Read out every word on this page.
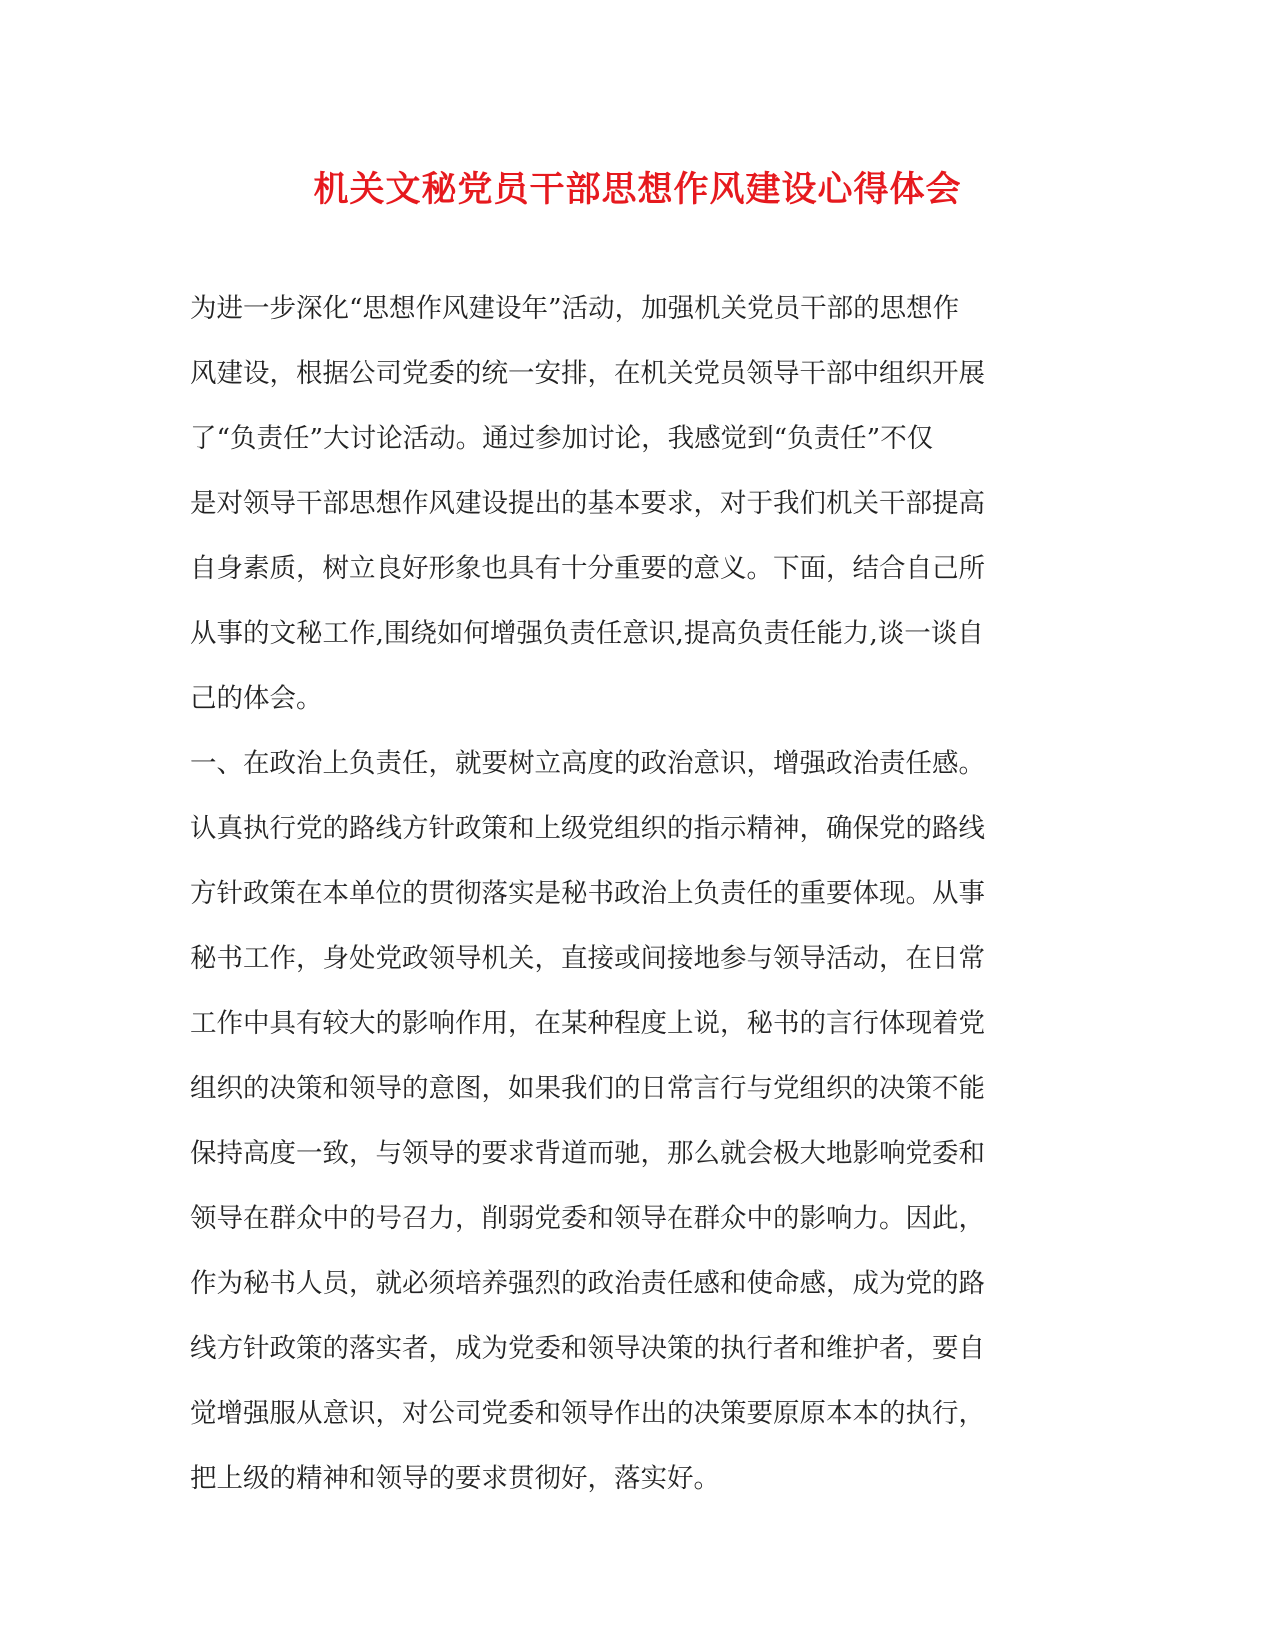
机关文秘党员干部思想作风建设心得体会
为进一步深化“思想作风建设年”活动，加强机关党员干部的思想作
风建设，根据公司党委的统一安排，在机关党员领导干部中组织开展
了“负责任”大讨论活动。通过参加讨论，我感觉到“负责任”不仅
是对领导干部思想作风建设提出的基本要求，对于我们机关干部提高
自身素质，树立良好形象也具有十分重要的意义。下面，结合自己所
从事的文秘工作,围绕如何增强负责任意识,提高负责任能力,谈一谈自
己的体会。
一、在政治上负责任，就要树立高度的政治意识，增强政治责任感。
认真执行党的路线方针政策和上级党组织的指示精神，确保党的路线
方针政策在本单位的贯彻落实是秘书政治上负责任的重要体现。从事
秘书工作，身处党政领导机关，直接或间接地参与领导活动，在日常
工作中具有较大的影响作用，在某种程度上说，秘书的言行体现着党
组织的决策和领导的意图，如果我们的日常言行与党组织的决策不能
保持高度一致，与领导的要求背道而驰，那么就会极大地影响党委和
领导在群众中的号召力，削弱党委和领导在群众中的影响力。因此，
作为秘书人员，就必须培养强烈的政治责任感和使命感，成为党的路
线方针政策的落实者，成为党委和领导决策的执行者和维护者，要自
觉增强服从意识，对公司党委和领导作出的决策要原原本本的执行，
把上级的精神和领导的要求贯彻好，落实好。
